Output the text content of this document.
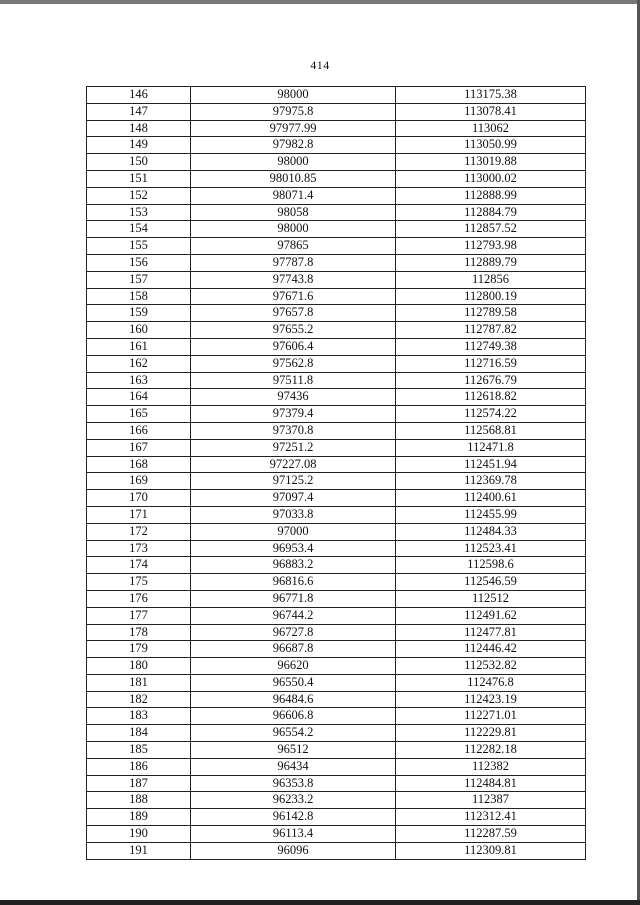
414
146	98000	113175.38
147	97975.8	113078.41
148	97977.99	113062
149	97982.8	113050.99
150	98000	113019.88
151	98010.85	113000.02
152	98071.4	112888.99
153	98058	112884.79
154	98000	112857.52
155	97865	112793.98
156	97787.8	112889.79
157	97743.8	112856
158	97671.6	112800.19
159	97657.8	112789.58
160	97655.2	112787.82
161	97606.4	112749.38
162	97562.8	112716.59
163	97511.8	112676.79
164	97436	112618.82
165	97379.4	112574.22
166	97370.8	112568.81
167	97251.2	112471.8
168	97227.08	112451.94
169	97125.2	112369.78
170	97097.4	112400.61
171	97033.8	112455.99
172	97000	112484.33
173	96953.4	112523.41
174	96883.2	112598.6
175	96816.6	112546.59
176	96771.8	112512
177	96744.2	112491.62
178	96727.8	112477.81
179	96687.8	112446.42
180	96620	112532.82
181	96550.4	112476.8
182	96484.6	112423.19
183	96606.8	112271.01
184	96554.2	112229.81
185	96512	112282.18
186	96434	112382
187	96353.8	112484.81
188	96233.2	112387
189	96142.8	112312.41
190	96113.4	112287.59
191	96096	112309.81
